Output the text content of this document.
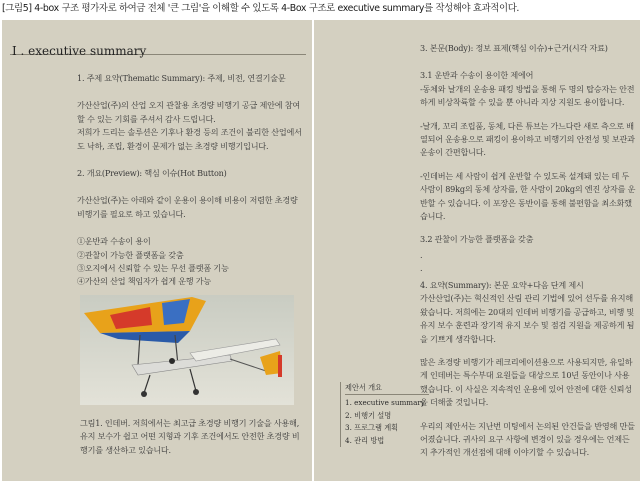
[그림5] 4-box 구조 평가자로 하여금 전체 '큰 그림'을 이해할 수 있도록 4-Box 구조로 executive summary를 작성해야 효과적이다.
I . executive summary

1. 주제 요약(Thematic Summary): 주제, 비전, 연결기술문

가산산업(주)의 산업 오지 관찰용 초경량 비행기 공급 제안에 참여할 수 있는 기회를 주셔서 감사 드립니다.

저희가 드리는 솔루션은 기후나 환경 등의 조건이 불리한 산업에서도 낙하, 조립, 환경이 문제가 없는 초경량 비행기입니다.

2. 개요(Preview): 핵심 이슈(Hot Button)

가산산업(주)는 아래와 같이 운용이 용이해 비용이 저렴한 초경량 비행기를 필요로 하고 있습니다.

①운반과 수송이 용이
②관찰이 가능한 플랫폼을 갖춤
③오지에서 신뢰할 수 있는 무선 플랫폼 기능
④가산의 산업 책임자가 쉽게 운행 가능

그림1. 인데버. 저희에서는 최고급 초경량 비행기 기술을 사용해, 유지 보수가 쉽고 어떤 지형과 기후 조건에서도 안전한 초경량 비행기를 생산하고 있습니다.

3. 본문(Body): 정보 표제(핵심 이슈)+근거(시각 자료)

3.1 운반과 수송이 용이한 제에어
-동체와 날개의 운송용 패킹 방법을 통해 두 명의 탑승자는 안전하게 비상착륙할 수 있을 뿐 아니라 지상 지원도 용이합니다.

-날개, 꼬리 조립품, 동체, 다른 튜브는 가느다란 새로 측으로 배열되어 운송용으로 패킹이 용이하고 비행기의 안전성 및 보관과 운송이 간편합니다.

-인데버는 세 사람이 쉽게 운반할 수 있도록 설계돼 있는 데 두 사람이 89kg의 동체 상자를, 한 사람이 20kg의 엔진 상자를 운반할 수 있습니다. 이 포장은 동반이를 통해 불편함을 최소화했습니다.

3.2 관찰이 가능한 플랫폼을 갖춤

.
.

4. 요약(Summary): 본문 요약+다음 단계 제시
가산산업(주)는 혁신적인 산림 관리 기법에 있어 선두를 유지해왔습니다. 저희에는 20대의 인데버 비행기를 공급하고, 비행 및 유지 보수 훈련과 장기적 유지 보수 및 점검 지원을 제공하게 됨을 기쁘게 생각합니다.

많은 초경량 비행기가 레크리에이션용으로 사용되지만, 유일하게 인데버는 특수부대 요원들을 대상으로 10년 동안이나 사용했습니다. 이 사실은 지속적인 운용에 있어 안전에 대한 신뢰성을 더해줄 것입니다.

우리의 제안서는 지난번 미팅에서 논의된 안건들을 반영해 만들어졌습니다. 귀사의 요구 사항에 변경이 있을 경우에는 언제든지 추가적인 개선점에 대해 이야기할 수 있습니다.

제안서 개요
1. executive summary
2. 비행기 설명
3. 프로그램 계획
4. 관리 방법
